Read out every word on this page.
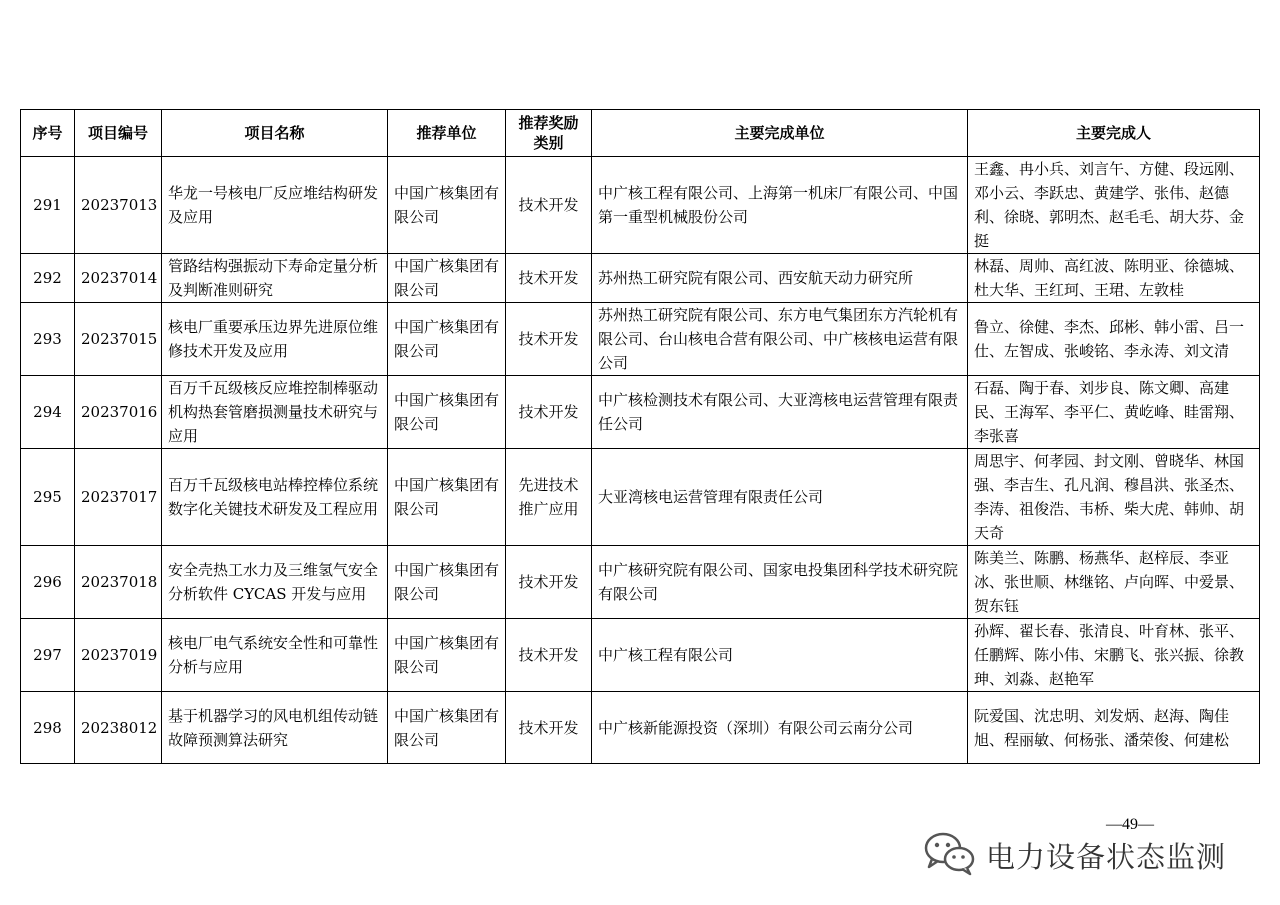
序号	项目编号	项目名称	推荐单位	推荐奖励类别	主要完成单位	主要完成人
291	20237013	华龙一号核电厂反应堆结构研发及应用	中国广核集团有限公司	技术开发	中广核工程有限公司、上海第一机床厂有限公司、中国第一重型机械股份公司	王鑫、冉小兵、刘言午、方健、段远刚、邓小云、李跃忠、黄建学、张伟、赵德利、徐晓、郭明杰、赵毛毛、胡大芬、金挺
292	20237014	管路结构强振动下寿命定量分析及判断准则研究	中国广核集团有限公司	技术开发	苏州热工研究院有限公司、西安航天动力研究所	林磊、周帅、高红波、陈明亚、徐德城、杜大华、王红珂、王珺、左敦桂
293	20237015	核电厂重要承压边界先进原位维修技术开发及应用	中国广核集团有限公司	技术开发	苏州热工研究院有限公司、东方电气集团东方汽轮机有限公司、台山核电合营有限公司、中广核核电运营有限公司	鲁立、徐健、李杰、邱彬、韩小雷、吕一仕、左智成、张峻铭、李永涛、刘文清
294	20237016	百万千瓦级核反应堆控制棒驱动机构热套管磨损测量技术研究与应用	中国广核集团有限公司	技术开发	中广核检测技术有限公司、大亚湾核电运营管理有限责任公司	石磊、陶于春、刘步良、陈文卿、高建民、王海军、李平仁、黄屹峰、眭雷翔、李张喜
295	20237017	百万千瓦级核电站棒控棒位系统数字化关键技术研发及工程应用	中国广核集团有限公司	先进技术推广应用	大亚湾核电运营管理有限责任公司	周思宇、何孝园、封文刚、曾晓华、林国强、李吉生、孔凡润、穆昌洪、张圣杰、李涛、祖俊浩、韦桥、柴大虎、韩帅、胡天奇
296	20237018	安全壳热工水力及三维氢气安全分析软件 CYCAS 开发与应用	中国广核集团有限公司	技术开发	中广核研究院有限公司、国家电投集团科学技术研究院有限公司	陈美兰、陈鹏、杨燕华、赵梓辰、李亚冰、张世顺、林继铭、卢向晖、中爱景、贺东钰
297	20237019	核电厂电气系统安全性和可靠性分析与应用	中国广核集团有限公司	技术开发	中广核工程有限公司	孙辉、翟长春、张清良、叶育林、张平、任鹏辉、陈小伟、宋鹏飞、张兴振、徐教珅、刘淼、赵艳军
298	20238012	基于机器学习的风电机组传动链故障预测算法研究	中国广核集团有限公司	技术开发	中广核新能源投资（深圳）有限公司云南分公司	阮爱国、沈忠明、刘发炳、赵海、陶佳旭、程丽敏、何杨张、潘荣俊、何建松
—49—
电力设备状态监测
